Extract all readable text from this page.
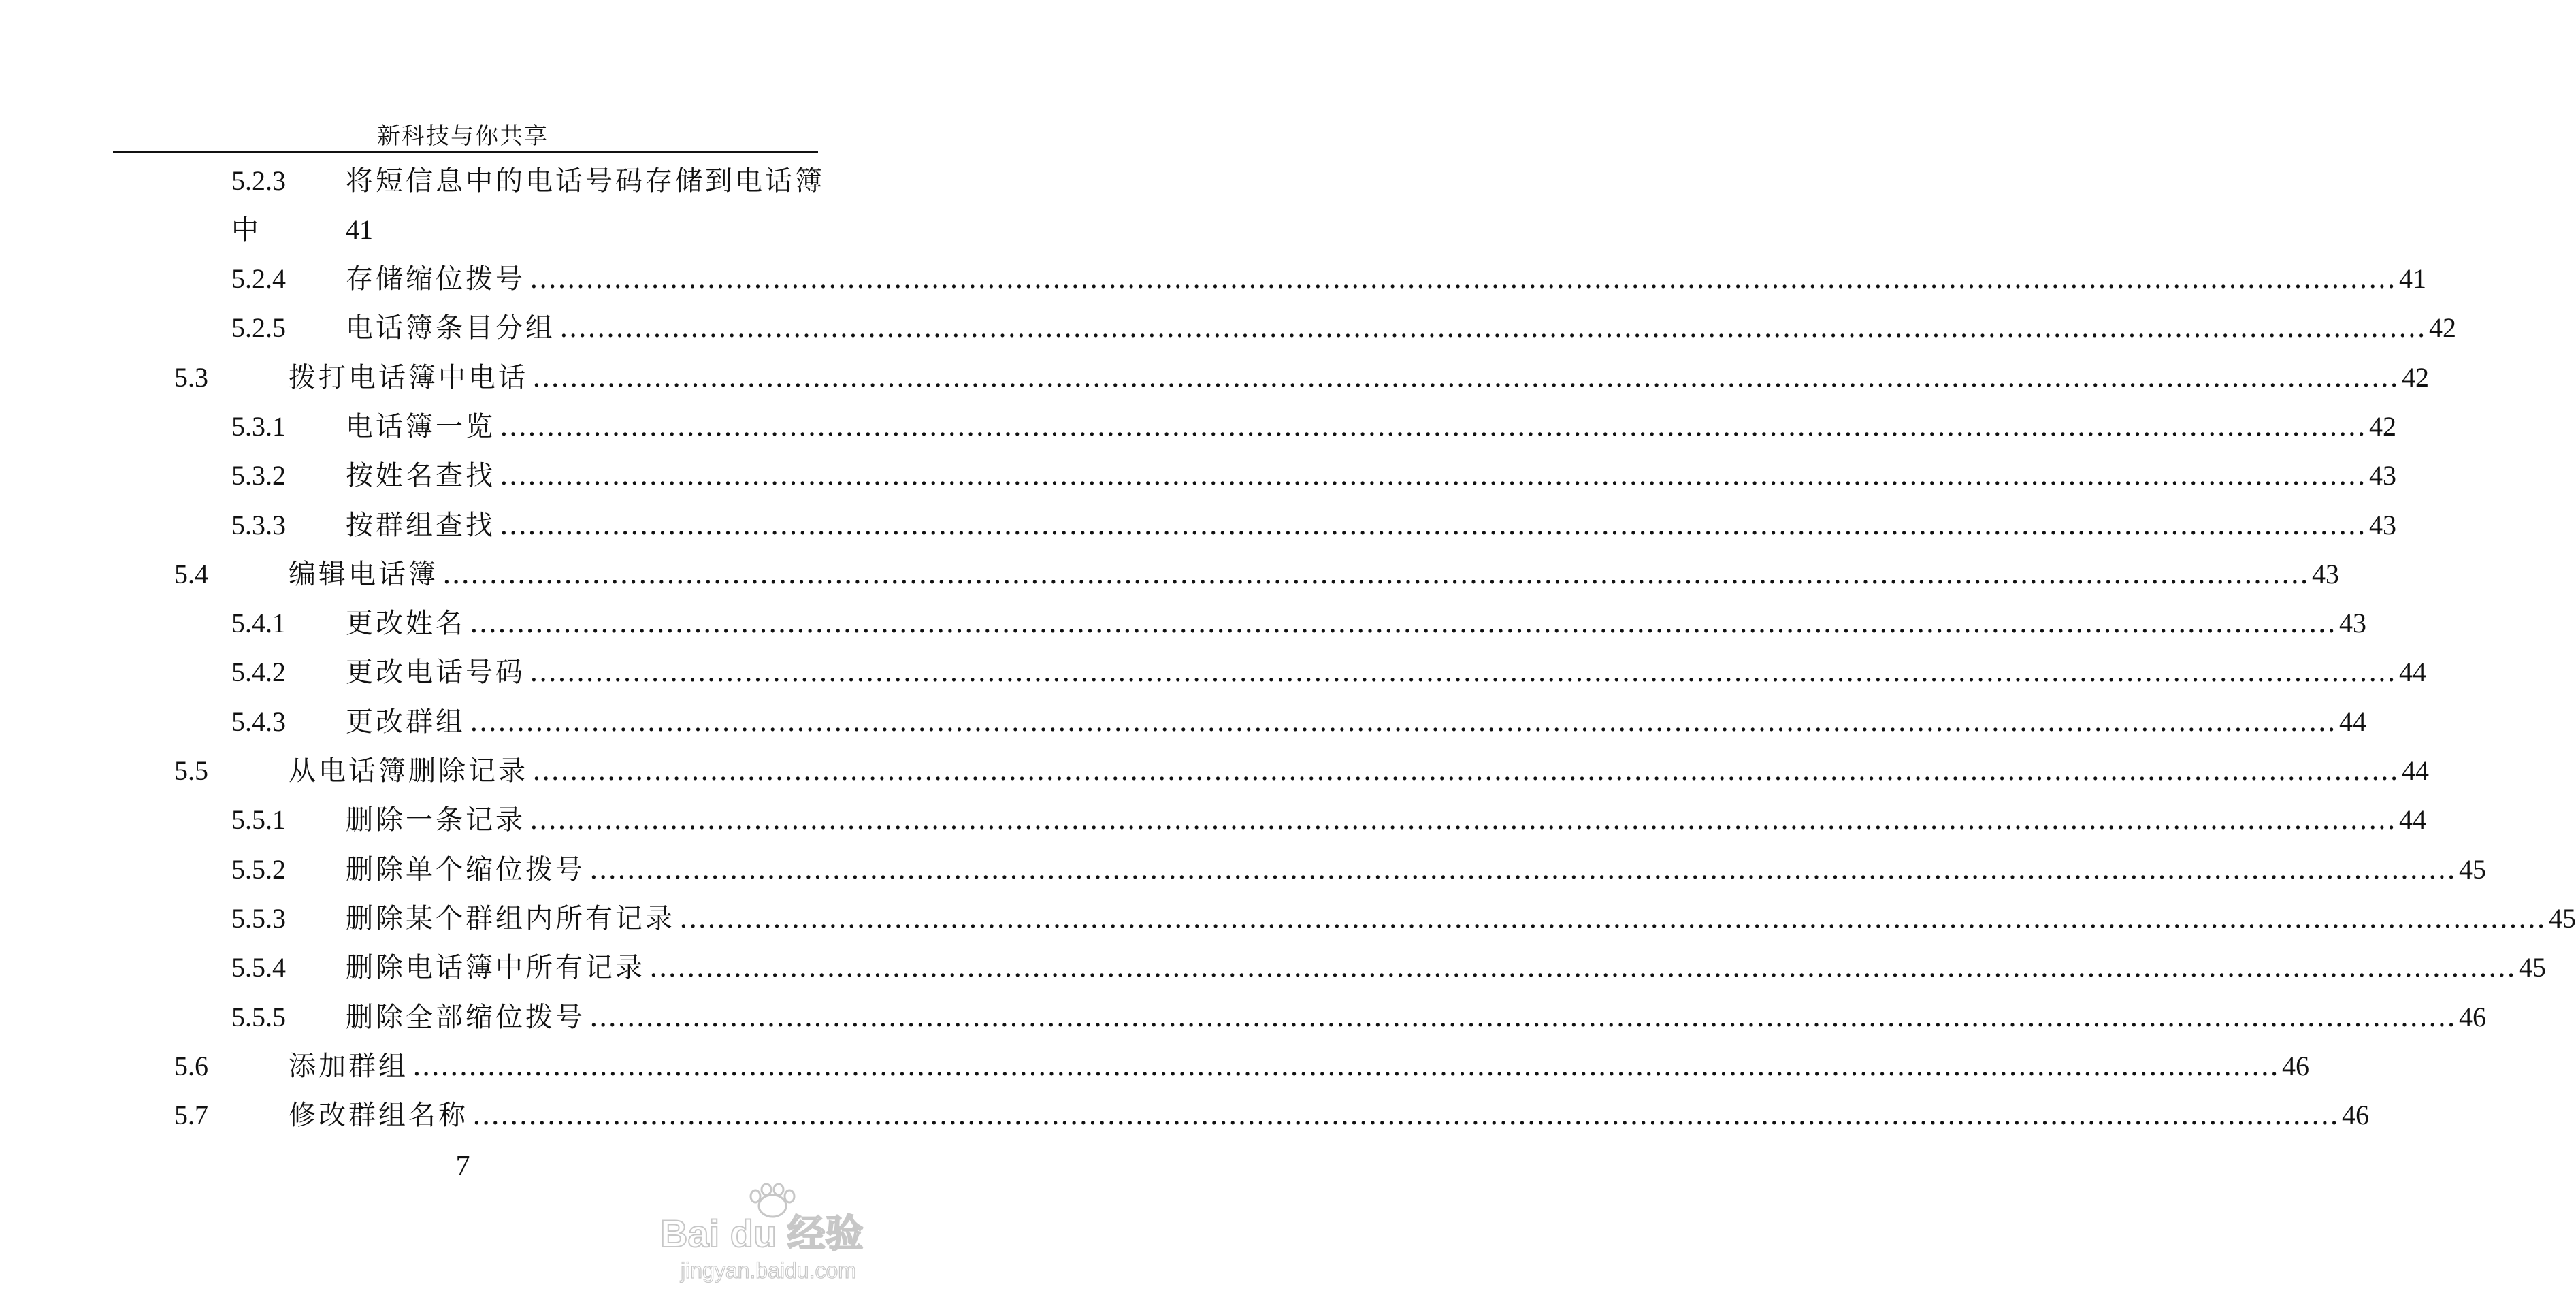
新科技与你共享
5.2.3 将短信息中的电话号码存储到电话簿
中	41
5.2.4 存储缩位拨号 ........................................................................................................................................................................................................ 41
5.2.5 电话簿条目分组 ........................................................................................................................................................................................................ 42
5.3	拨打电话簿中电话 ........................................................................................................................................................................................................ 42
5.3.1 电话簿一览 ........................................................................................................................................................................................................ 42
5.3.2 按姓名查找 ........................................................................................................................................................................................................ 43
5.3.3 按群组查找 ........................................................................................................................................................................................................ 43
5.4	编辑电话簿 ........................................................................................................................................................................................................ 43
5.4.1 更改姓名 ........................................................................................................................................................................................................ 43
5.4.2 更改电话号码 ........................................................................................................................................................................................................ 44
5.4.3 更改群组 ........................................................................................................................................................................................................ 44
5.5	从电话簿删除记录 ........................................................................................................................................................................................................ 44
5.5.1 删除一条记录 ........................................................................................................................................................................................................ 44
5.5.2 删除单个缩位拨号 ........................................................................................................................................................................................................ 45
5.5.3 删除某个群组内所有记录 ........................................................................................................................................................................................................ 45
5.5.4 删除电话簿中所有记录 ........................................................................................................................................................................................................ 45
5.5.5 删除全部缩位拨号 ........................................................................................................................................................................................................ 46
5.6	添加群组 ........................................................................................................................................................................................................ 46
5.7	修改群组名称 ........................................................................................................................................................................................................ 46
7
Bai du 经验
jingyan.baidu.com
